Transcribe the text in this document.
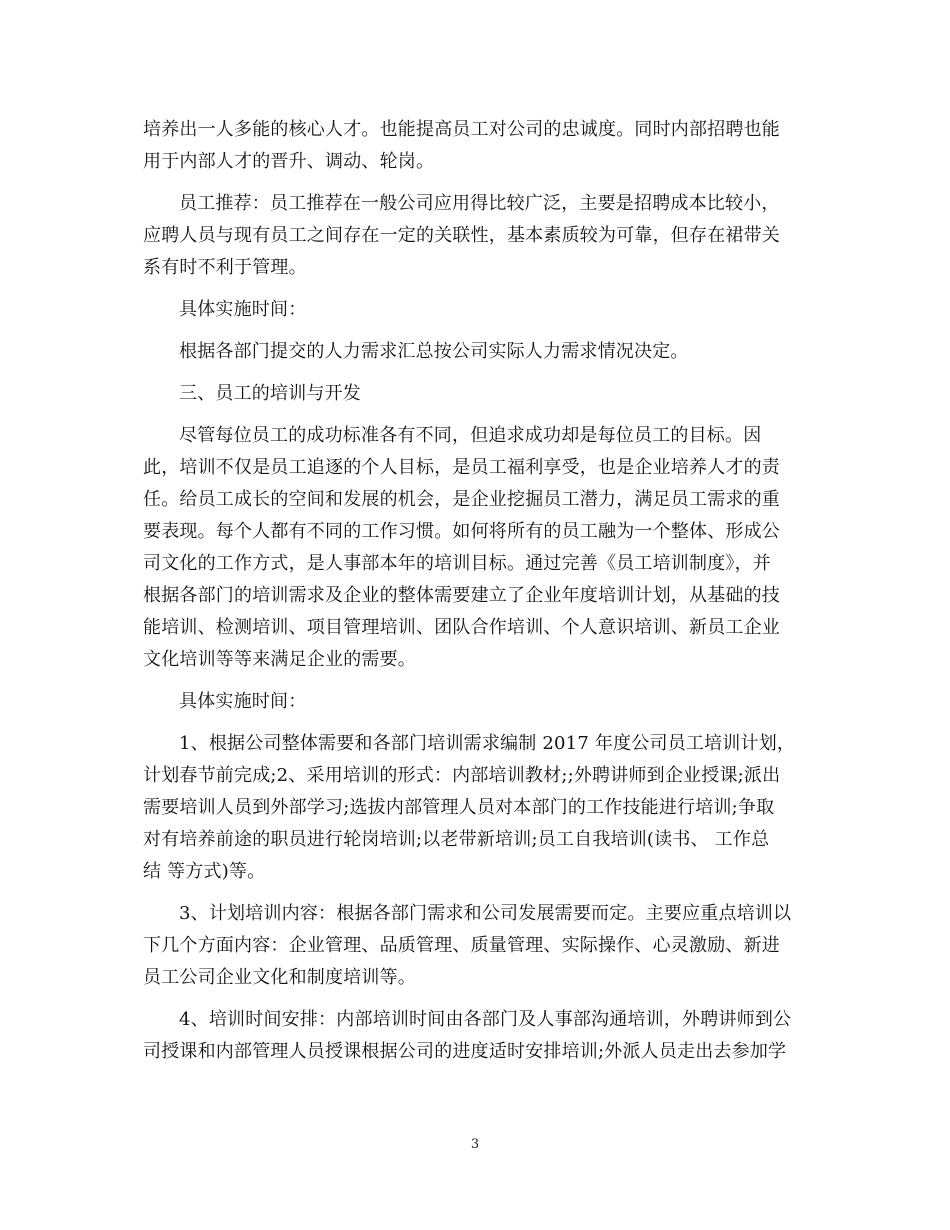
培养出一人多能的核心人才。也能提高员工对公司的忠诚度。同时内部招聘也能
用于内部人才的晋升、调动、轮岗。
员工推荐：员工推荐在一般公司应用得比较广泛，主要是招聘成本比较小，
应聘人员与现有员工之间存在一定的关联性，基本素质较为可靠，但存在裙带关
系有时不利于管理。
具体实施时间：
根据各部门提交的人力需求汇总按公司实际人力需求情况决定。
三、员工的培训与开发
尽管每位员工的成功标准各有不同，但追求成功却是每位员工的目标。因
此，培训不仅是员工追逐的个人目标，是员工福利享受，也是企业培养人才的责
任。给员工成长的空间和发展的机会，是企业挖掘员工潜力，满足员工需求的重
要表现。每个人都有不同的工作习惯。如何将所有的员工融为一个整体、形成公
司文化的工作方式，是人事部本年的培训目标。通过完善《员工培训制度》，并
根据各部门的培训需求及企业的整体需要建立了企业年度培训计划，从基础的技
能培训、检测培训、项目管理培训、团队合作培训、个人意识培训、新员工企业
文化培训等等来满足企业的需要。
具体实施时间：
1、根据公司整体需要和各部门培训需求编制 2017 年度公司员工培训计划，
计划春节前完成;2、采用培训的形式：内部培训教材;;外聘讲师到企业授课;派出
需要培训人员到外部学习;选拔内部管理人员对本部门的工作技能进行培训;争取
对有培养前途的职员进行轮岗培训;以老带新培训;员工自我培训(读书、 工作总
结 等方式)等。
3、计划培训内容：根据各部门需求和公司发展需要而定。主要应重点培训以
下几个方面内容：企业管理、品质管理、质量管理、实际操作、心灵激励、新进
员工公司企业文化和制度培训等。
4、培训时间安排：内部培训时间由各部门及人事部沟通培训，外聘讲师到公
司授课和内部管理人员授课根据公司的进度适时安排培训;外派人员走出去参加学
3
